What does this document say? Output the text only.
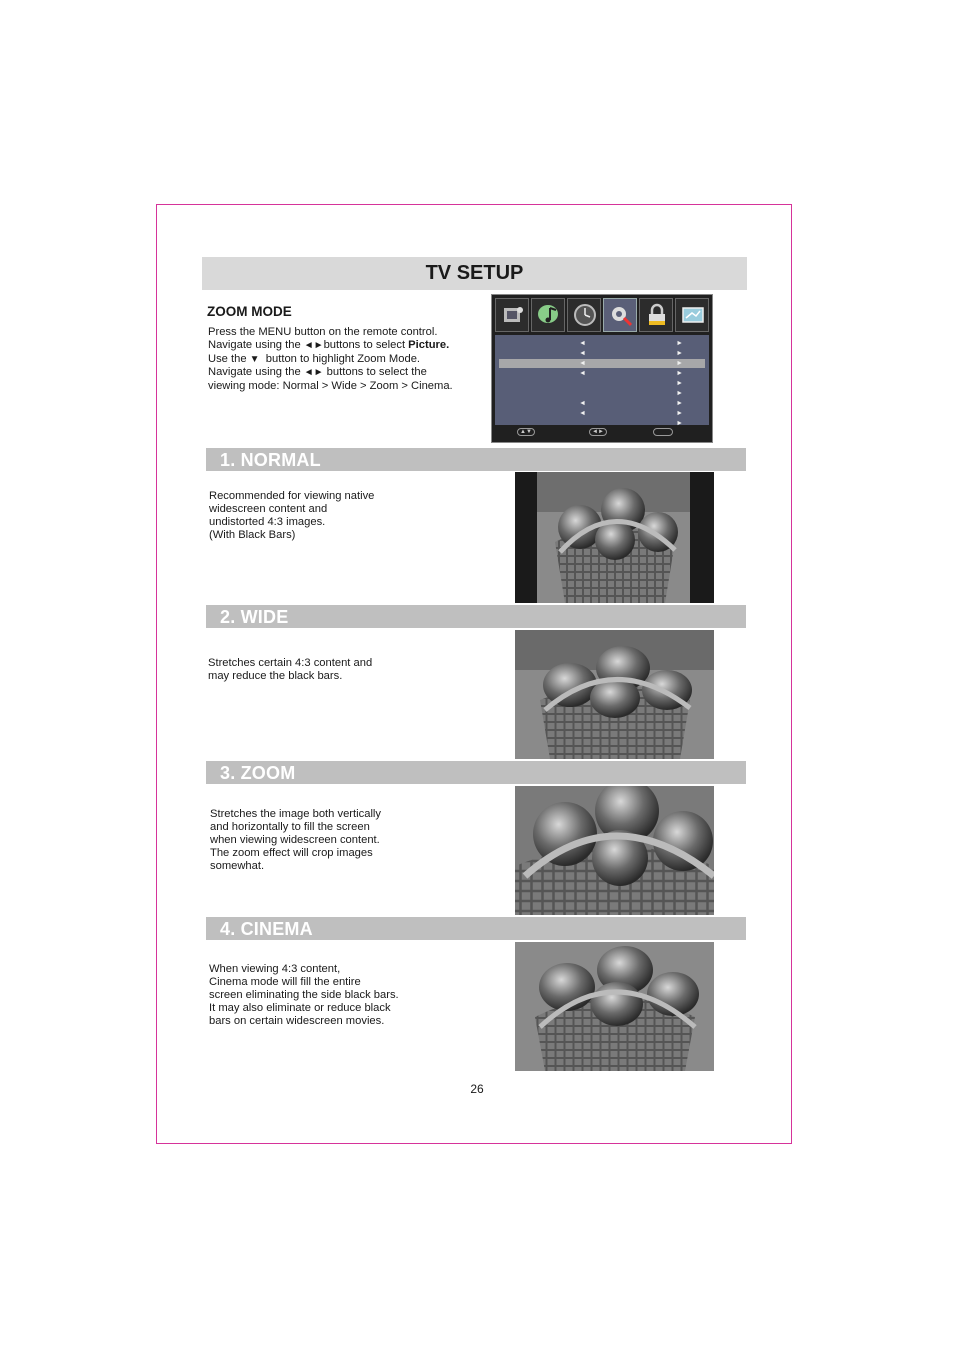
TV SETUP
ZOOM MODE

Press the MENU button on the remote control.

Navigate using the ◄►buttons to select Picture.

Use the ▼  button to highlight Zoom Mode.

Navigate using the ◄► buttons to select the

viewing mode: Normal > Wide > Zoom > Cinema.

◄	►
◄	►
◄	►
◄	►
►
►
◄	►
◄	►
►
▲▼	◄►
1. NORMAL

Recommended for viewing native

widescreen content and

undistorted 4:3 images.

(With Black Bars)

2. WIDE

Stretches certain 4:3 content and

may reduce the black bars.

3. ZOOM

Stretches the image both vertically

and horizontally to fill the screen

when viewing widescreen content.

The zoom effect will crop images

somewhat.

4. CINEMA

When viewing 4:3 content,

Cinema mode will fill the entire

screen eliminating the side black bars.

It may also eliminate or reduce black

bars on certain widescreen movies.

26
